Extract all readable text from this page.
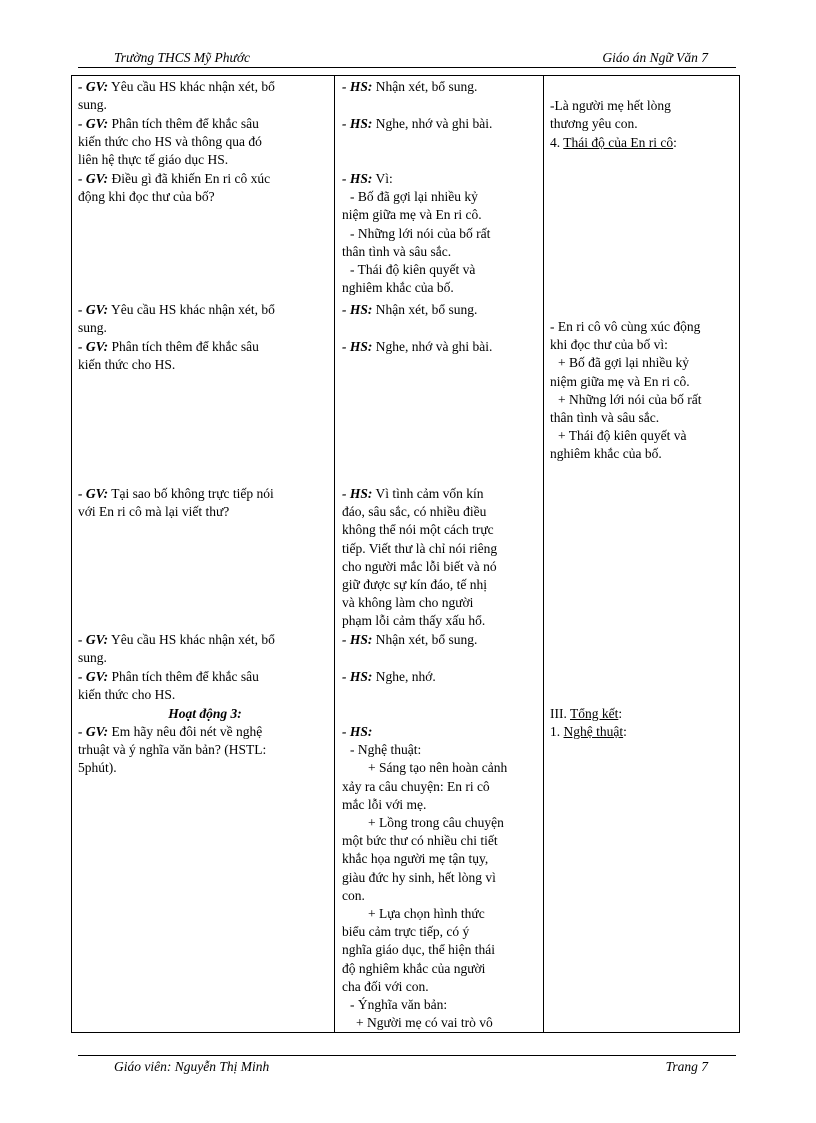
Trường THCS Mỹ Phước	Giáo án Ngữ Văn 7
- GV: Yêu cầu HS khác nhận xét, bổ
sung.
- GV: Phân tích thêm để khắc sâu
kiến thức cho HS và thông qua đó
liên hệ thực tế giáo dục HS.
- GV: Điều gì đã khiến En ri cô xúc
động khi đọc thư của bố?
- GV: Yêu cầu HS khác nhận xét, bổ
sung.
- GV: Phân tích thêm để khắc sâu
kiến thức cho HS.
- GV: Tại sao bố không trực tiếp nói
với En ri cô mà lại viết thư?
- GV: Yêu cầu HS khác nhận xét, bổ
sung.
- GV: Phân tích thêm để khắc sâu
kiến thức cho HS.
Hoạt động 3:
- GV: Em hãy nêu đôi nét về nghệ
trhuật và ý nghĩa văn bản? (HSTL:
5phút).
- HS: Nhận xét, bổ sung.
- HS: Nghe, nhớ và ghi bài.
- HS: Vì:
- Bố đã gợi lại nhiều kỷ
niệm giữa mẹ và En ri cô.
- Những lới nói của bố rất
thân tình và sâu sắc.
- Thái độ kiên quyết và
nghiêm khắc của bố.
- HS: Nhận xét, bổ sung.
- HS: Nghe, nhớ và ghi bài.
- HS: Vì tình cảm vốn kín
đáo, sâu sắc, có nhiều điều
không thể nói một cách trực
tiếp. Viết thư là chỉ nói riêng
cho người mắc lỗi biết và nó
giữ được sự kín đáo, tế nhị
và không làm cho người
phạm lỗi cảm thấy xấu hổ.
- HS: Nhận xét, bổ sung.
- HS: Nghe, nhớ.
- HS:
- Nghệ thuật:
+ Sáng tạo nên hoàn cảnh
xảy ra câu chuyện: En ri cô
mắc lỗi với mẹ.
+ Lồng trong câu chuyện
một bức thư có nhiều chi tiết
khắc họa người mẹ tận tụy,
giàu đức hy sinh, hết lòng vì
con.
+ Lựa chọn hình thức
biểu cảm trực tiếp, có ý
nghĩa giáo dục, thể hiện thái
độ nghiêm khắc của người
cha đối với con.
- Ýnghĩa văn bản:
+ Người mẹ có vai trò vô
-Là người mẹ hết lòng
thương yêu con.
4. Thái độ của En ri cô:
- En ri cô vô cùng xúc động
khi đọc thư của bố vì:
+ Bố đã gợi lại nhiều kỷ
niệm giữa mẹ và En ri cô.
+ Những lới nói của bố rất
thân tình và sâu sắc.
+ Thái độ kiên quyết và
nghiêm khắc của bố.
III. Tổng kết:
1. Nghệ thuật:
Giáo viên: Nguyễn Thị Minh	Trang 7
